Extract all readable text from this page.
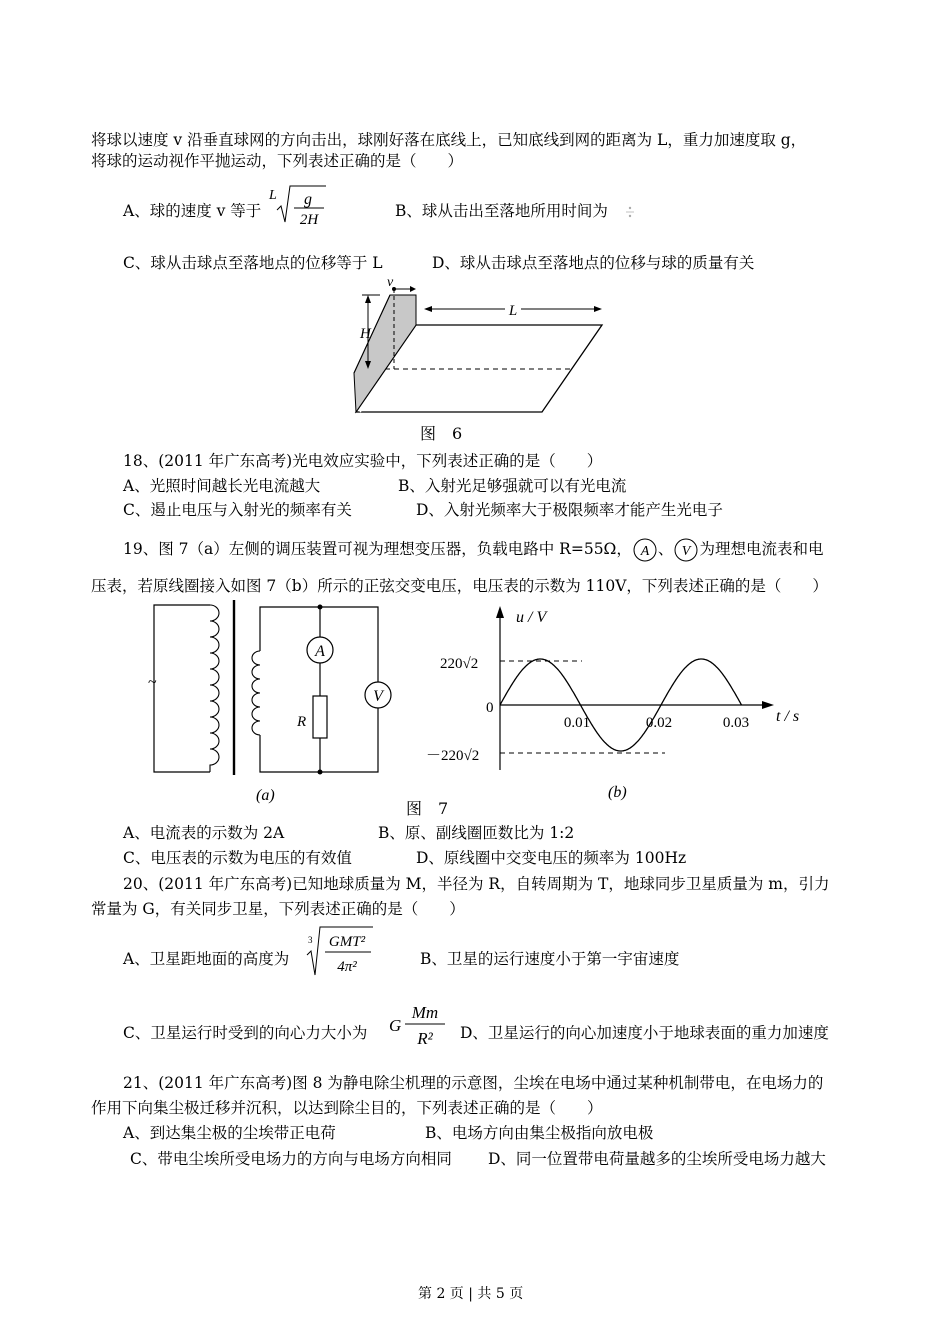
将球以速度 v 沿垂直球网的方向击出，球刚好落在底线上，已知底线到网的距离为 L，重力加速度取 g，
将球的运动视作平抛运动，下列表述正确的是（　　）
A、球的速度 v 等于
L g
2H	B、球从击出至落地所用时间为
C、球从击球点至落地点的位移等于 L	D、球从击球点至落地点的位移与球的质量有关
v
H
L
图　6
18、(2011 年广东高考)光电效应实验中，下列表述正确的是（　　）
A、光照时间越长光电流越大	B、入射光足够强就可以有光电流
C、遏止电压与入射光的频率有关	D、入射光频率大于极限频率才能产生光电子
19、图 7（a）左侧的调压装置可视为理想变压器，负载电路中 R=55Ω， A 、 V 为理想电流表和电
压表，若原线圈接入如图 7（b）所示的正弦交变电压，电压表的示数为 110V，下列表述正确的是（　　）
~
A
R
V
(a)
图　7
(b)
u / V
t / s
220√2
0
－220√2
0.01	0.02	0.03
A、电流表的示数为 2A	B、原、副线圈匝数比为 1:2
C、电压表的示数为电压的有效值	D、原线圈中交变电压的频率为 100Hz
20、(2011 年广东高考)已知地球质量为 M，半径为 R，自转周期为 T，地球同步卫星质量为 m，引力
常量为 G，有关同步卫星，下列表述正确的是（　　）
A、卫星距地面的高度为
3 GMT²
4π²	B、卫星的运行速度小于第一宇宙速度
C、卫星运行时受到的向心力大小为 G
Mm
R² D、卫星运行的向心加速度小于地球表面的重力加速度
21、(2011 年广东高考)图 8 为静电除尘机理的示意图，尘埃在电场中通过某种机制带电，在电场力的
作用下向集尘极迁移并沉积，以达到除尘目的，下列表述正确的是（　　）
A、到达集尘极的尘埃带正电荷	B、电场方向由集尘极指向放电极
C、带电尘埃所受电场力的方向与电场方向相同 D、同一位置带电荷量越多的尘埃所受电场力越大
第 2 页 | 共 5 页
